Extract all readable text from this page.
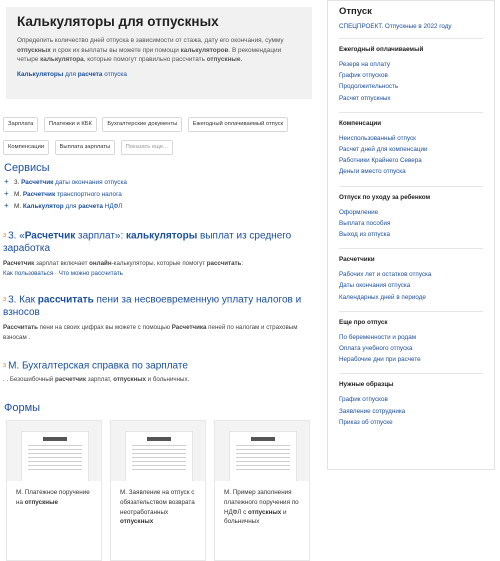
Калькуляторы для отпускных

Определить количество дней отпуска в зависимости от стажа, дату его окончания, сумму отпускных и срок их выплаты вы можете при помощи калькуляторов. В рекомендации четыре калькулятора, которые помогут правильно рассчитать отпускные.

Калькуляторы для расчета отпуска
Зарплата	Платежки и КБК	Бухгалтерские документы	Ежегодный оплачиваемый отпуск Компенсации	Выплата зарплаты	Показать еще...
Сервисы
+ 3. Расчетчик даты окончания отпуска
+ М. Расчетчик транспортного налога
+ М. Калькулятор для расчета НДФЛ
3 3. «Расчетчик зарплат»: калькуляторы выплат из среднего заработка

Расчетчик зарплат включает онлайн-калькуляторы, которые помогут рассчитать:

Как пользоваться · Что можно рассчитать

3 3. Как рассчитать пени за несвоевременную уплату налогов и взносов

Рассчитать пени на своих цифрах вы можете с помощью Расчетчика пеней по налогам и страховым взносам .

3 М. Бухгалтерская справка по зарплате

. . Безошибочный расчетчик зарплат, отпускных и больничных.

Формы
М. Платежное поручение на отпускные
М. Заявление на отпуск с обязательством возврата неотработанных отпускных
М. Пример заполнения платежного поручения по НДФЛ с отпускных и больничных
Отпуск
СПЕЦПРОЕКТ. Отпускные в 2022 году
Ежегодный оплачиваемый
Резерв на оплату
График отпусков
Продолжительность
Расчет отпускных
Компенсации
Неиспользованный отпуск
Расчет дней для компенсации
Работники Крайнего Севера
Деньги вместо отпуска
Отпуск по уходу за ребенком
Оформление
Выплата пособия
Выход из отпуска
Расчетчики
Рабочих лет и остатков отпуска
Даты окончания отпуска
Календарных дней в периоде
Еще про отпуск
По беременности и родам
Оплата учебного отпуска
Нерабочие дни при расчете
Нужные образцы
График отпусков
Заявление сотрудника
Приказ об отпуске
